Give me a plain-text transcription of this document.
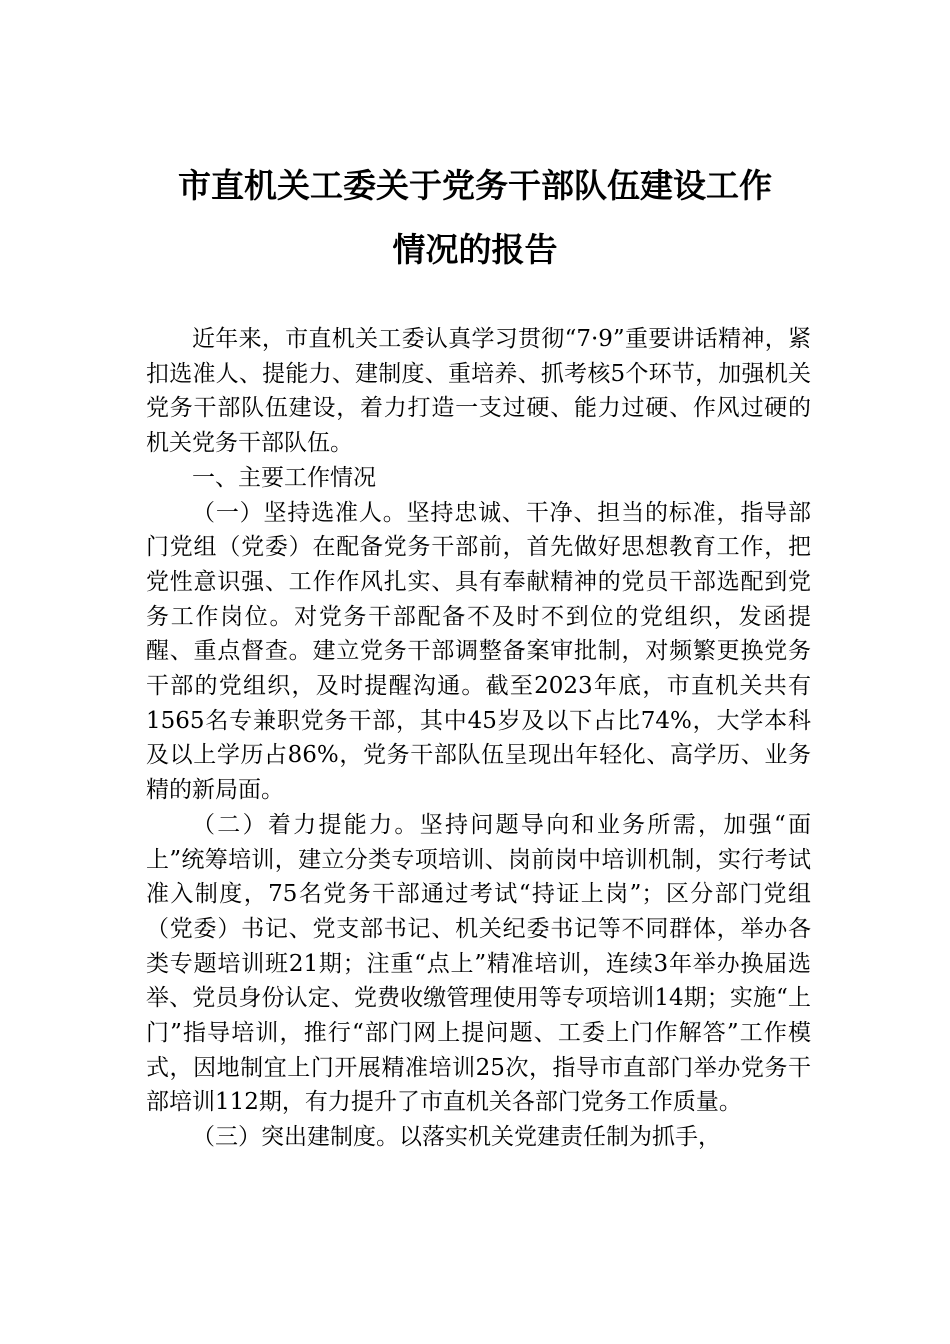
市直机关工委关于党务干部队伍建设工作
情况的报告

近年来，市直机关工委认真学习贯彻“7·9”重要讲话精神，紧扣选准人、提能力、建制度、重培养、抓考核5个环节，加强机关党务干部队伍建设，着力打造一支过硬、能力过硬、作风过硬的机关党务干部队伍。

一、主要工作情况

（一）坚持选准人。坚持忠诚、干净、担当的标准，指导部门党组（党委）在配备党务干部前，首先做好思想教育工作，把党性意识强、工作作风扎实、具有奉献精神的党员干部选配到党务工作岗位。对党务干部配备不及时不到位的党组织，发函提醒、重点督查。建立党务干部调整备案审批制，对频繁更换党务干部的党组织，及时提醒沟通。截至2023年底，市直机关共有1565名专兼职党务干部，其中45岁及以下占比74%，大学本科及以上学历占86%，党务干部队伍呈现出年轻化、高学历、业务精的新局面。

（二）着力提能力。坚持问题导向和业务所需，加强“面上”统筹培训，建立分类专项培训、岗前岗中培训机制，实行考试准入制度，75名党务干部通过考试“持证上岗”；区分部门党组（党委）书记、党支部书记、机关纪委书记等不同群体，举办各类专题培训班21期；注重“点上”精准培训，连续3年举办换届选举、党员身份认定、党费收缴管理使用等专项培训14期；实施“上门”指导培训，推行“部门网上提问题、工委上门作解答”工作模式，因地制宜上门开展精准培训25次，指导市直部门举办党务干部培训112期，有力提升了市直机关各部门党务工作质量。

（三）突出建制度。以落实机关党建责任制为抓手，
